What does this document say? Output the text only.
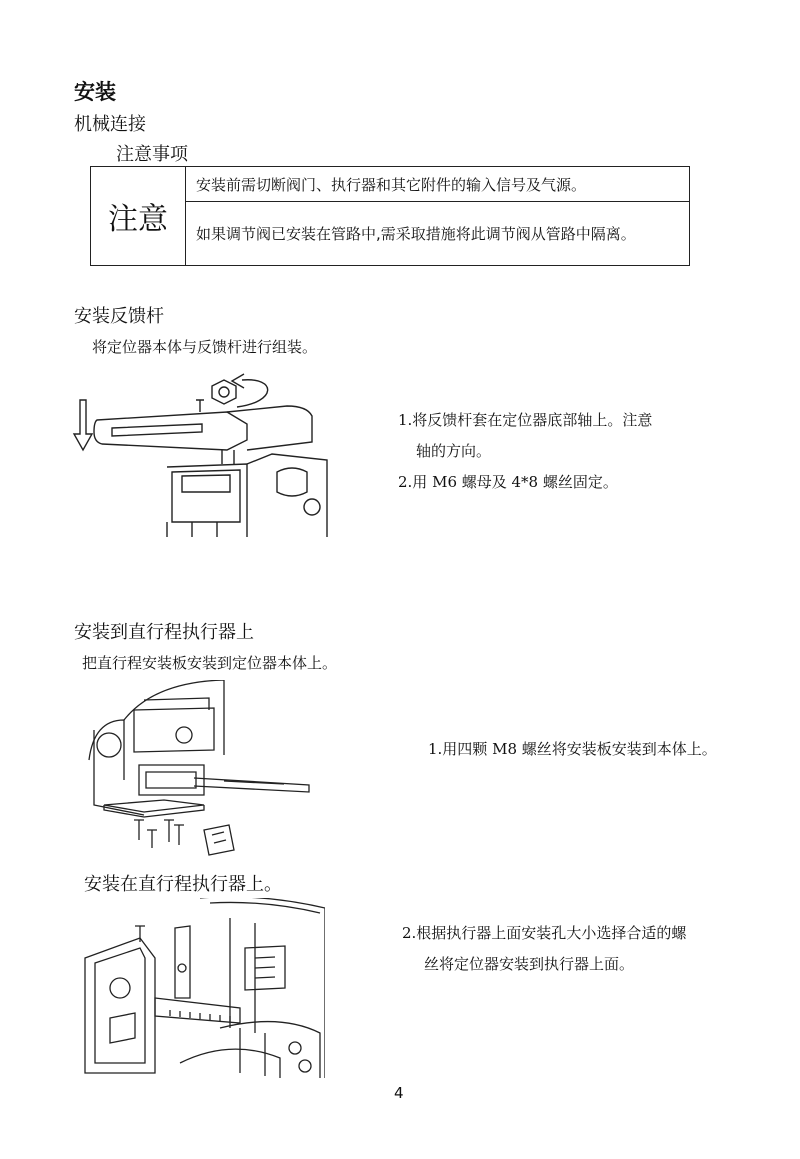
安装
机械连接
注意事项
注意	安装前需切断阀门、执行器和其它附件的输入信号及气源。
如果调节阀已安装在管路中,需采取措施将此调节阀从管路中隔离。
安装反馈杆
将定位器本体与反馈杆进行组装。
1.将反馈杆套在定位器底部轴上。注意
轴的方向。
2.用 M6 螺母及 4*8 螺丝固定。
安装到直行程执行器上
把直行程安装板安装到定位器本体上。
1.用四颗 M8 螺丝将安装板安装到本体上。
安装在直行程执行器上。
2.根据执行器上面安装孔大小选择合适的螺
丝将定位器安装到执行器上面。
4
